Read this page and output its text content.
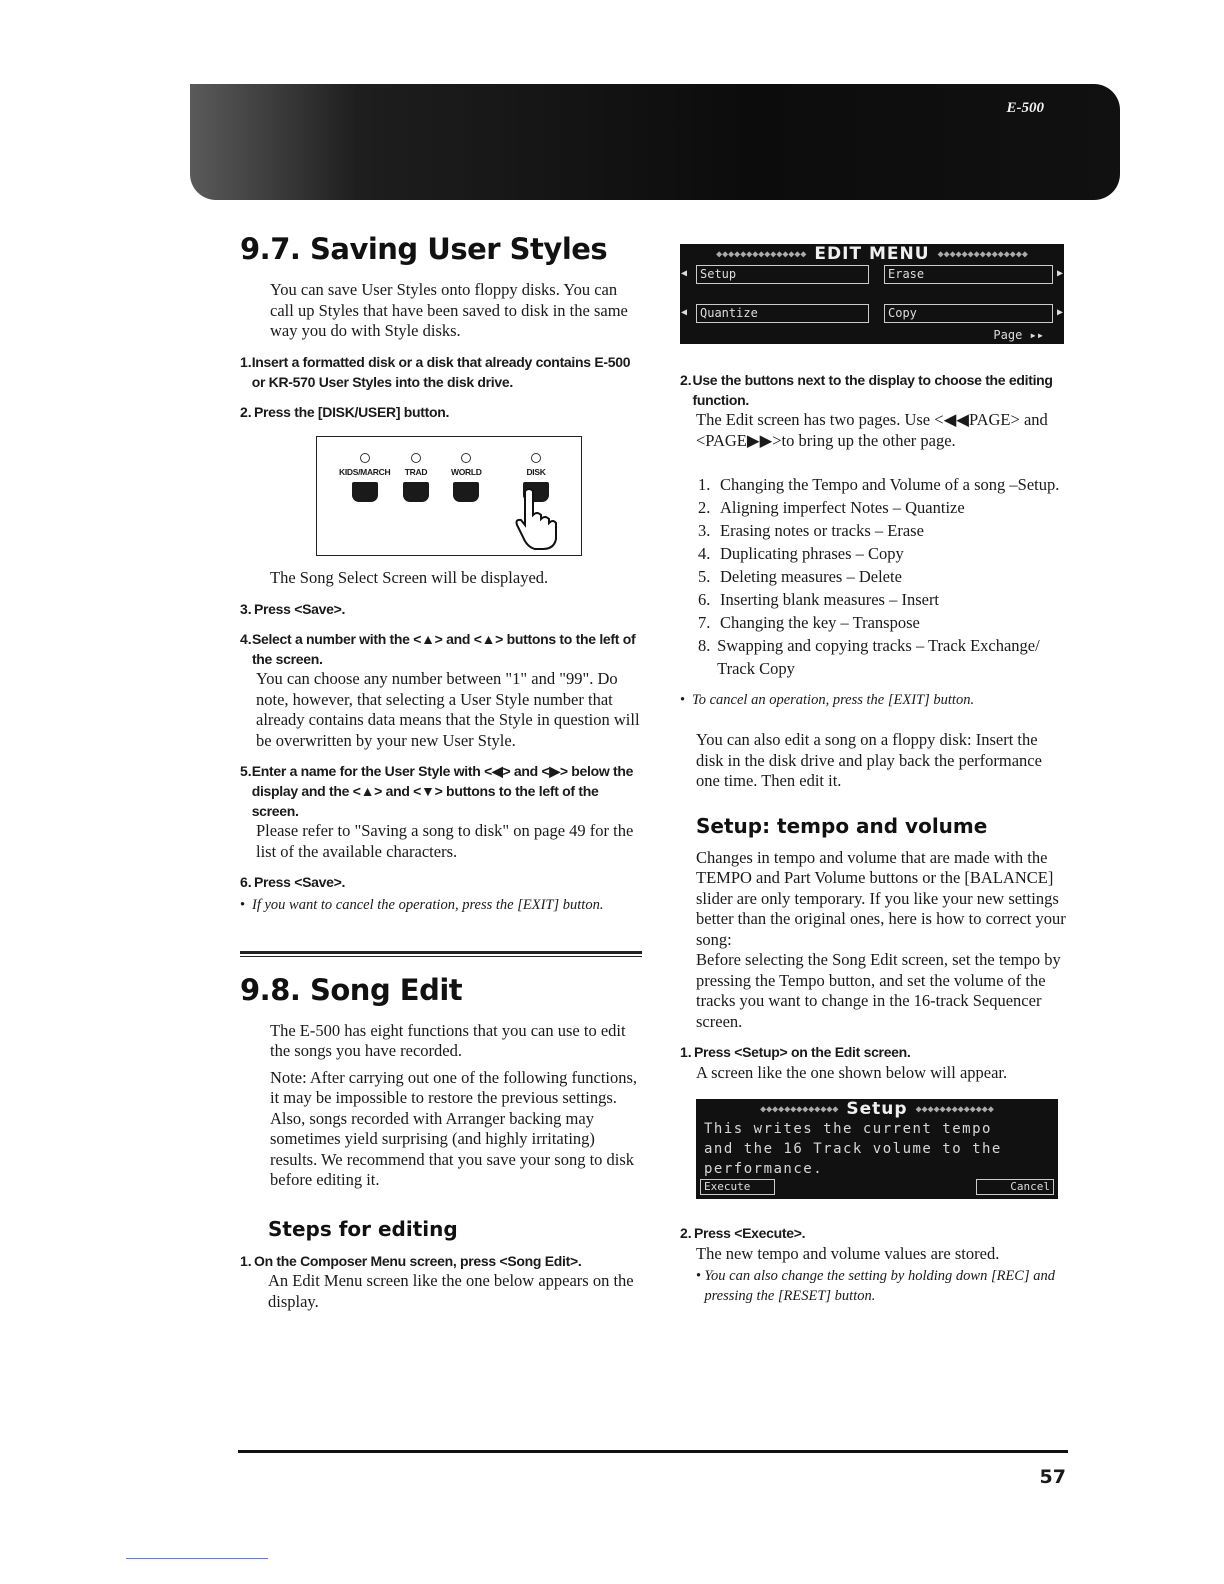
E-500
9.7. Saving User Styles

You can save User Styles onto floppy disks. You can call up Styles that have been saved to disk in the same way you do with Style disks.

1. Insert a formatted disk or a disk that already contains E-500 or KR-570 User Styles into the disk drive.
2. Press the [DISK/USER] button.
KIDS/MARCH TRAD	WORLD	DISK

The Song Select Screen will be displayed.

3. Press <Save>.
4. Select a number with the <▲> and <▲> buttons to the left of the screen.
You can choose any number between "1" and "99". Do note, however, that selecting a User Style number that already contains data means that the Style in question will be overwritten by your new User Style.
5. Enter a name for the User Style with <◀> and <▶> below the display and the <▲> and <▼> buttons to the left of the screen.
Please refer to "Saving a song to disk" on page 49 for the list of the available characters.
6. Press <Save>.
• If you want to cancel the operation, press the [EXIT] button.
9.8. Song Edit

The E-500 has eight functions that you can use to edit the songs you have recorded.

Note: After carrying out one of the following functions, it may be impossible to restore the previous settings. Also, songs recorded with Arranger backing may sometimes yield surprising (and highly irritating) results. We recommend that you save your song to disk before editing it.

Steps for editing
1. On the Composer Menu screen, press <Song Edit>.
An Edit Menu screen like the one below appears on the display.
◆◆◆◆◆◆◆◆◆◆◆◆◆◆◆ EDIT MENU ◆◆◆◆◆◆◆◆◆◆◆◆◆◆◆
◀	Setup	Erase	▶
◀	Quantize	Copy	▶
Page ▸▸
2. Use the buttons next to the display to choose the editing function.
The Edit screen has two pages. Use <◀◀PAGE> and <PAGE▶▶>to bring up the other page.
1. Changing the Tempo and Volume of a song –Setup.
2. Aligning imperfect Notes – Quantize
3. Erasing notes or tracks – Erase
4. Duplicating phrases – Copy
5. Deleting measures – Delete
6. Inserting blank measures – Insert
7. Changing the key – Transpose
8. Swapping and copying tracks – Track Exchange/ Track Copy
• To cancel an operation, press the [EXIT] button.

You can also edit a song on a floppy disk: Insert the disk in the disk drive and play back the performance one time. Then edit it.

Setup: tempo and volume

Changes in tempo and volume that are made with the TEMPO and Part Volume buttons or the [BALANCE] slider are only temporary. If you like your new settings better than the original ones, here is how to correct your song:

Before selecting the Song Edit screen, set the tempo by pressing the Tempo button, and set the volume of the tracks you want to change in the 16-track Sequencer screen.

1. Press <Setup> on the Edit screen.
A screen like the one shown below will appear.
◆◆◆◆◆◆◆◆◆◆◆◆◆ Setup ◆◆◆◆◆◆◆◆◆◆◆◆◆
This writes the current tempo
and the 16 Track volume to the
performance.
Execute	Cancel
2. Press <Execute>.
The new tempo and volume values are stored.
• You can also change the setting by holding down [REC] and pressing the [RESET] button.
57
